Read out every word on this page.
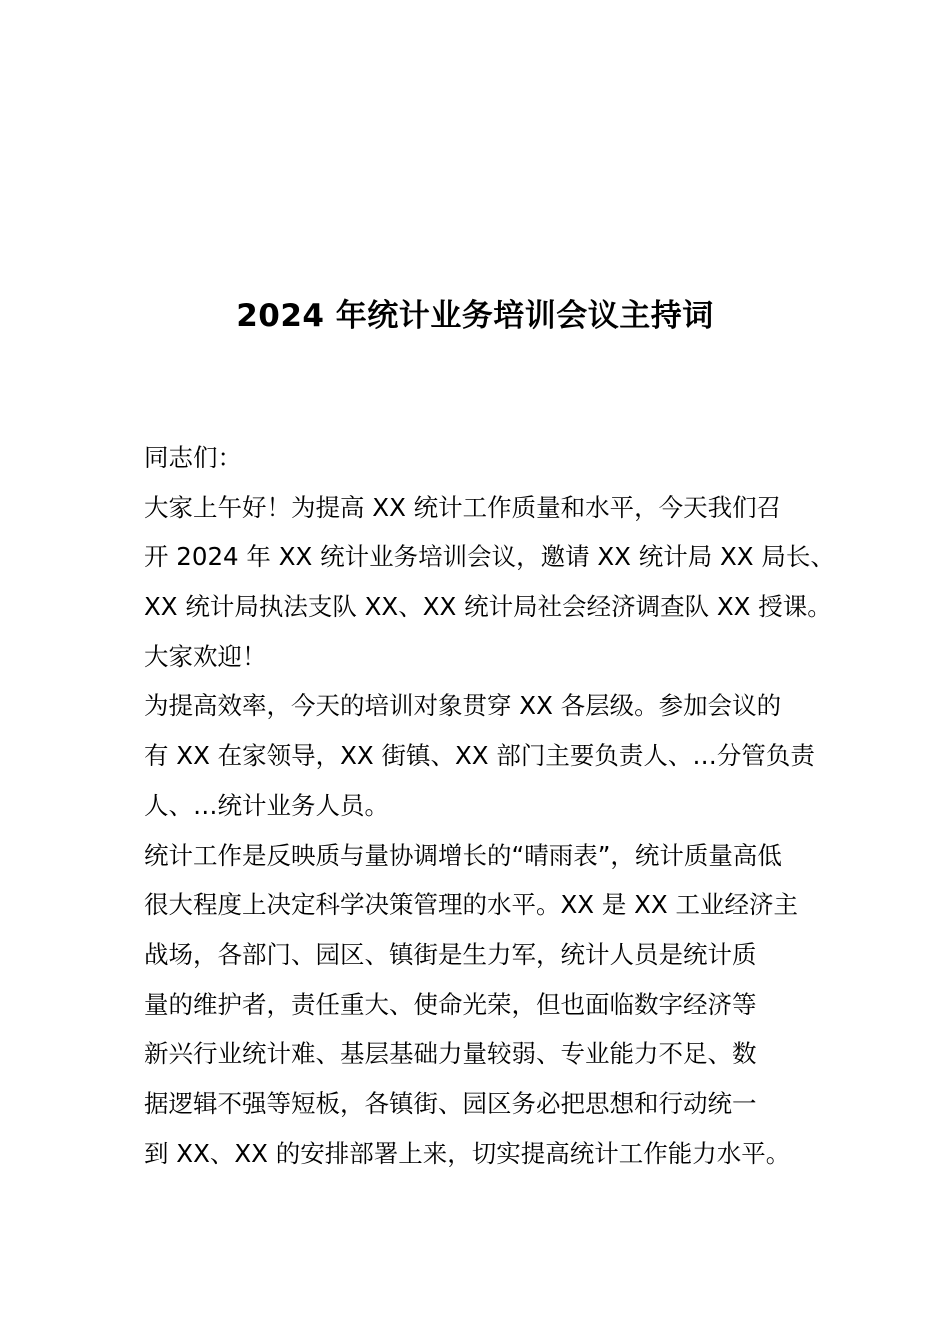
2024 年统计业务培训会议主持词
同志们：
大家上午好！为提高 XX 统计工作质量和水平，今天我们召
开 2024 年 XX 统计业务培训会议，邀请 XX 统计局 XX 局长、
XX 统计局执法支队 XX、XX 统计局社会经济调查队 XX 授课。
大家欢迎！
为提高效率，今天的培训对象贯穿 XX 各层级。参加会议的
有 XX 在家领导，XX 街镇、XX 部门主要负责人、…分管负责
人、…统计业务人员。
统计工作是反映质与量协调增长的“晴雨表”，统计质量高低
很大程度上决定科学决策管理的水平。XX 是 XX 工业经济主
战场，各部门、园区、镇街是生力军，统计人员是统计质
量的维护者，责任重大、使命光荣，但也面临数字经济等
新兴行业统计难、基层基础力量较弱、专业能力不足、数
据逻辑不强等短板，各镇街、园区务必把思想和行动统一
到 XX、XX 的安排部署上来，切实提高统计工作能力水平。
